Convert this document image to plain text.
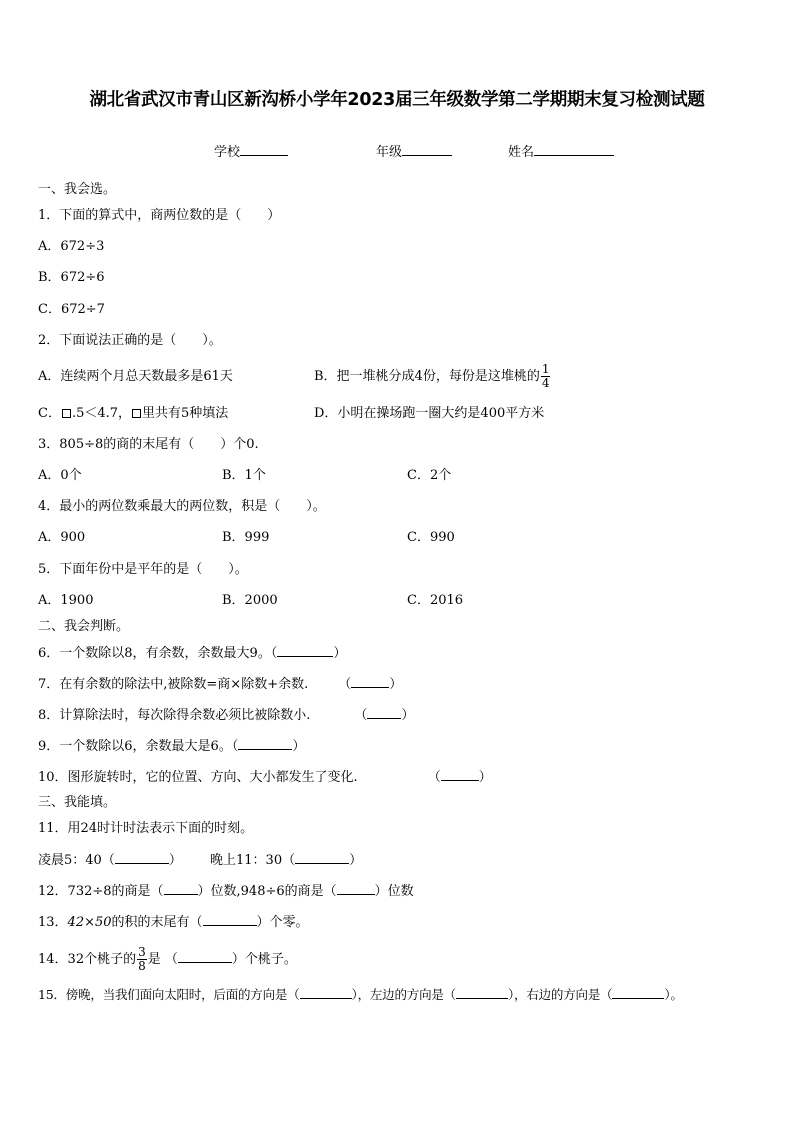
湖北省武汉市青山区新沟桥小学年2023届三年级数学第二学期期末复习检测试题
学校	年级	姓名
一、我会选。
1．下面的算式中，商两位数的是（　　）
A．672÷3
B．672÷6
C．672÷7
2．下面说法正确的是（　　）。
A．连续两个月总天数最多是61天	B．把一堆桃分成4份，每份是这堆桃的 $\frac{1}{4}$
C． .5＜4.7， 里共有5种填法	D．小明在操场跑一圈大约是400平方米
3．805÷8的商的末尾有（　　）个0.
A．0个	B．1个	C．2个
4．最小的两位数乘最大的两位数，积是（　　）。
A．900	B．999	C．990
5．下面年份中是平年的是（　　）。
A．1900	B．2000	C．2016
二、我会判断。
6．一个数除以8，有余数，余数最大9。（	）
7．在有余数的除法中,被除数=商×除数+余数. （	）
8．计算除法时，每次除得余数必须比被除数小.	（	）
9．一个数除以6，余数最大是6。（	）
10．图形旋转时，它的位置、方向、大小都发生了变化.	（	）
三、我能填。
11．用24时计时法表示下面的时刻。
凌晨5：40（	） 晚上11：30（	）
12．732÷8的商是（	）位数,948÷6的商是（	）位数
13．42×50的积的末尾有（	）个零。
14．32个桃子的 $\frac{3}{8}$ 是 （	）个桃子。
15．傍晚，当我们面向太阳时，后面的方向是（	），左边的方向是（	），右边的方向是（	）。
